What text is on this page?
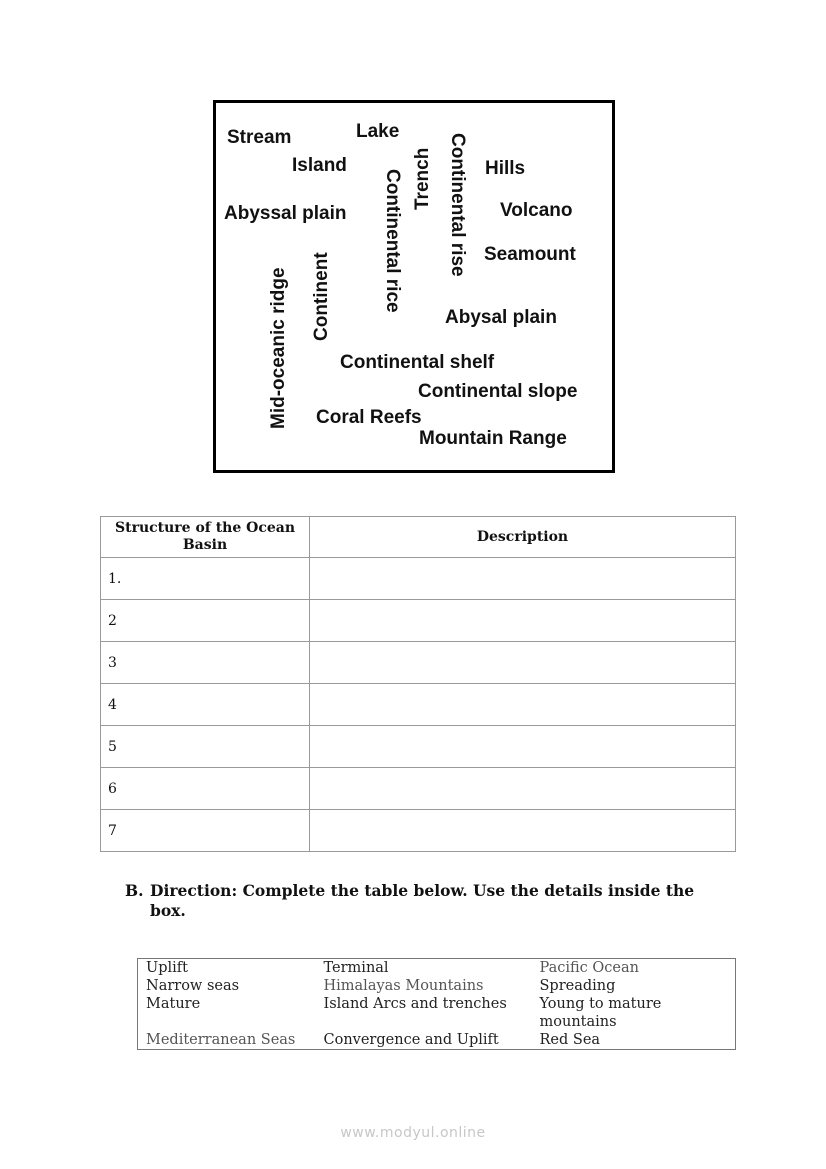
Stream	Lake
Island	Trench Continental rise Hills
Abyssal plain Continental rice	Volcano
Seamount
Mid-oceanic ridge Continent	Abysal plain
Continental shelf
Continental slope
Coral Reefs
Mountain Range
Structure of the Ocean Basin	Description
1.	
2	
3	
4	
5	
6	
7	
B. Direction: Complete the table below. Use the details inside the
box.
Uplift	Terminal	Pacific Ocean
Narrow seas	Himalayas Mountains	Spreading
Mature	Island Arcs and trenches	Young to mature mountains
Mediterranean Seas	Convergence and Uplift	Red Sea
www.modyul.online
